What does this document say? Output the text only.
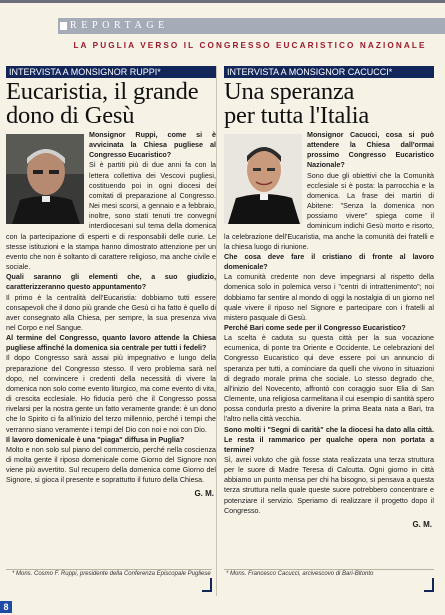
REPORTAGE
LA PUGLIA VERSO IL CONGRESSO EUCARISTICO NAZIONALE
INTERVISTA A MONSIGNOR RUPPI*
Eucaristia, il grande
dono di Gesù

Monsignor Ruppi, come si è avvicinata la Chiesa pugliese al Congresso Eucaristico?

Sì è partiti più di due anni fa con la lettera collettiva dei Vescovi pugliesi, costituendo poi in ogni diocesi dei comitati di preparazione al Congresso. Nei mesi scorsi, a gennaio e a febbraio, inoltre, sono stati tenuti tre convegni interdiocesani sul tema della domenica con la partecipazione di esperti e di responsabili delle curie. Le stesse istituzioni e la stampa hanno dimostrato attenzione per un evento che non è soltanto di carattere religioso, ma anche civile e sociale.

Quali saranno gli elementi che, a suo giudizio, caratterizzeranno questo appuntamento?

Il primo è la centralità dell'Eucaristia: dobbiamo tutti essere consapevoli che il dono più grande che Gesù ci ha fatto è quello di aver consegnato alla Chiesa, per sempre, la sua presenza viva nel Corpo e nel Sangue.

Al termine del Congresso, quanto lavoro attende la Chiesa pugliese affinché la domenica sia centrale per tutti i fedeli?

Il dopo Congresso sarà assai più impegnativo e lungo della preparazione del Congresso stesso. Il vero problema sarà nel dopo, nel convincere i credenti della necessità di vivere la domenica non solo come evento liturgico, ma come evento di vita, di crescita ecclesiale. Ho fiducia però che il Congresso possa rivelarsi per la nostra gente un fatto veramente grande: è un dono che lo Spirito ci fa all'inizio del terzo millennio, perché i tempi che verranno siano veramente i tempi del Dio con noi e noi con Dio.

Il lavoro domenicale è una "piaga" diffusa in Puglia?

Molto e non solo sul piano del commercio, perché nella coscienza di molta gente il riposo domenicale come Giorno del Signore non viene più avvertito. Sul recupero della domenica come Giorno del Signore, si gioca il presente e soprattutto il futuro della Chiesa.

G. M.
INTERVISTA A MONSIGNOR CACUCCI*
Una speranza
per tutta l'Italia

Monsignor Cacucci, cosa si può attendere la Chiesa dall'ormai prossimo Congresso Eucaristico Nazionale?

Sono due gli obiettivi che la Comunità ecclesiale si è posta: la parrocchia e la domenica. La frase dei martiri di Abitene: "Senza la domenica non possiamo vivere" spiega come il dominicum indichi Gesù morto e risorto, la celebrazione dell'Eucaristia, ma anche la comunità dei fratelli e la chiesa luogo di riunione.

Che cosa deve fare il cristiano di fronte al lavoro domenicale?

La comunità credente non deve impegnarsi al rispetto della domenica solo in polemica verso i "centri di intrattenimento"; noi dobbiamo far sentire al mondo di oggi la nostalgia di un giorno nel quale vivere il riposo nel Signore e partecipare con i fratelli al mistero pasquale di Gesù.

Perché Bari come sede per il Congresso Eucaristico?

La scelta è caduta su questa città per la sua vocazione ecumenica, di ponte tra Oriente e Occidente. Le celebrazioni del Congresso Eucaristico qui deve essere poi un annuncio di speranza per tutti, a cominciare da quelli che vivono in situazioni di degrado morale prima che sociale. Lo stesso degrado che, all'inizio del Novecento, affrontò con coraggio suor Elia di San Clemente, una religiosa carmelitana il cui esempio di santità spero possa condurla presto a divenire la prima Beata nata a Bari, tra l'altro nella città vecchia.

Sono molti i "Segni di carità" che la diocesi ha dato alla città. Le resta il rammarico per qualche opera non portata a termine?

Sì, avrei voluto che già fosse stata realizzata una terza struttura per le suore di Madre Teresa di Calcutta. Ogni giorno in città abbiamo un punto mensa per chi ha bisogno, si pensava a questa terza struttura nella quale queste suore potrebbero concentrare e potenziare il servizio. Speriamo di realizzare il progetto dopo il Congresso.

G. M.
* Mons. Cosmo F. Ruppi, presidente della Conferenza Episcopale Pugliese	* Mons. Francesco Cacucci, arcivescovo di Bari-Bitonto
8
